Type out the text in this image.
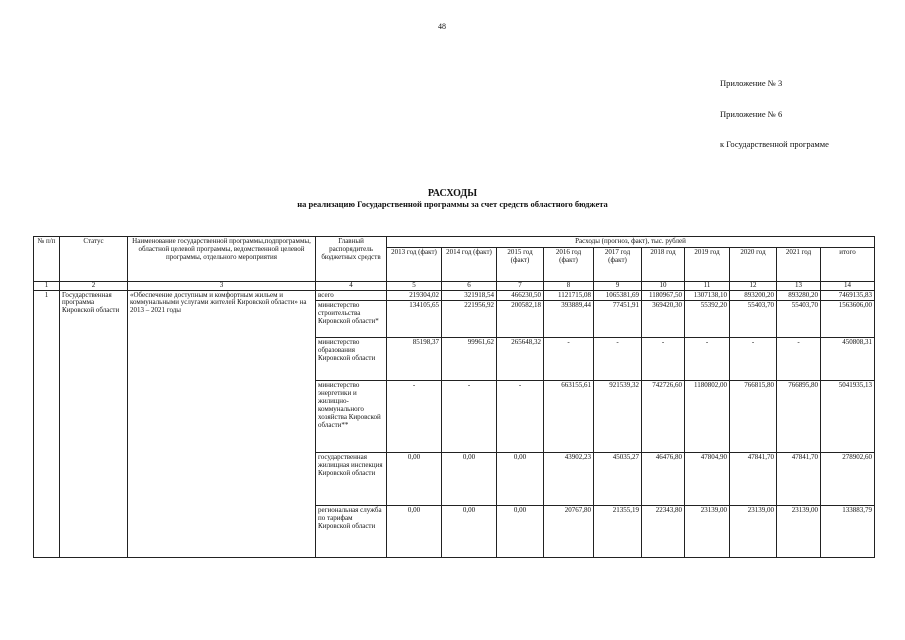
48
Приложение № 3
Приложение № 6
к Государственной программе
РАСХОДЫ
на реализацию Государственной программы за счет средств областного бюджета
№ п/п	Статус	Наименование государственной программы,подпрограммы, областной целевой программы, ведомственной целевой программы, отдельного мероприятия	Главный распорядитель бюджетных средств	Расходы (прогноз, факт), тыс. рублей									
				2013 год (факт)	2014 год (факт)	2015 год (факт)	2016 год (факт)	2017 год (факт)	2018 год	2019 год	2020 год	2021 год	итого
1	2	3	4	5	6	7	8	9	10	11	12	13	14
1	Государственная программа Кировской области	«Обеспечение доступным и комфортным жильем и коммунальными услугами жителей Кировской области» на 2013 – 2021 годы	всего	219304,02	321918,54	466230,50	1121715,08	1065381,69	1180967,50	1307138,10	893200,20	893280,20	7469135,83
			министерство строительства Кировской области*	134105,65	221956,92	200582,18	393889,44	77451,91	369420,30	55392,20	55403,70	55403,70	1563606,00
			министерство образования Кировской области	85198,37	99961,62	265648,32	-	-	-	-	-	-	450808,31
			министерство энергетики и жилищно-коммунального хозяйства Кировской области**	-	-	-	663155,61	921539,32	742726,60	1180802,00	766815,80	766895,80	5041935,13
			государственная жилищная инспекция Кировской области	0,00	0,00	0,00	43902,23	45035,27	46476,80	47804,90	47841,70	47841,70	278902,60
			региональная служба по тарифам Кировской области	0,00	0,00	0,00	20767,80	21355,19	22343,80	23139,00	23139,00	23139,00	133883,79
